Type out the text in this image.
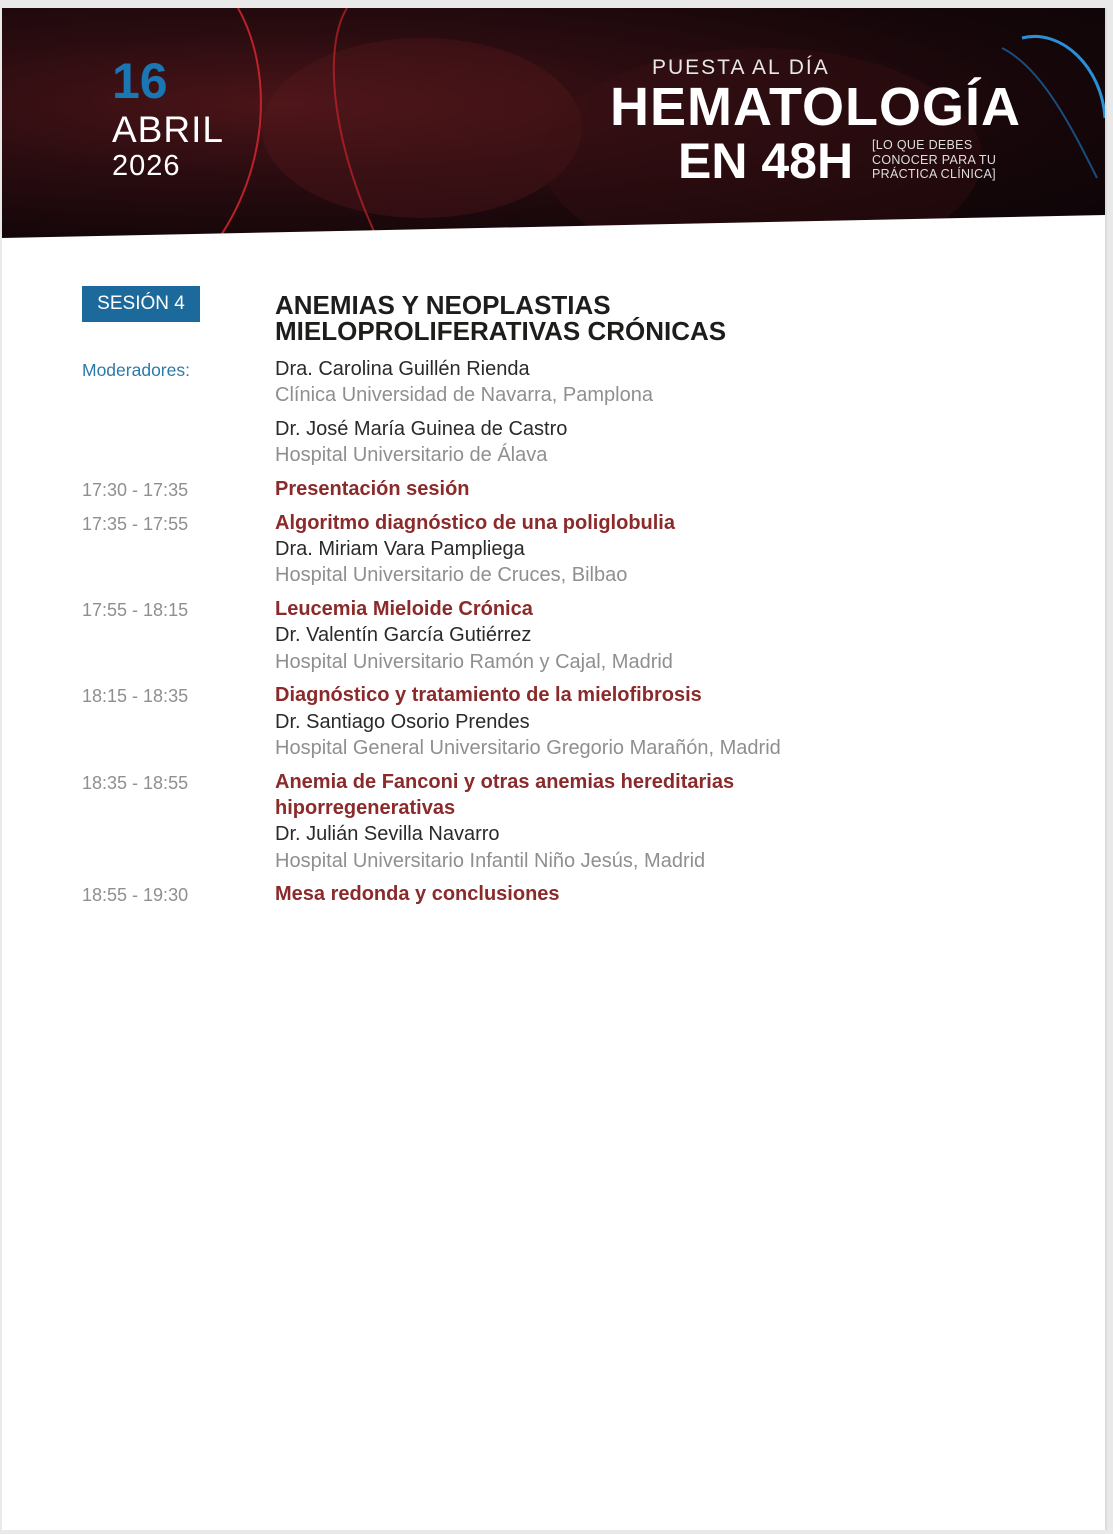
16
ABRIL
2026
PUESTA AL DÍA
HEMATOLOGÍA
EN 48H [LO QUE DEBES CONOCER PARA TU PRÁCTICA CLÍNICA]
SESIÓN 4	ANEMIAS Y NEOPLASTIAS
MIELOPROLIFERATIVAS CRÓNICAS
Moderadores:	Dra. Carolina Guillén Rienda
Clínica Universidad de Navarra, Pamplona
Dr. José María Guinea de Castro
Hospital Universitario de Álava
17:30 - 17:35	Presentación sesión
17:35 - 17:55	Algoritmo diagnóstico de una poliglobulia
Dra. Miriam Vara Pampliega
Hospital Universitario de Cruces, Bilbao
17:55 - 18:15	Leucemia Mieloide Crónica
Dr. Valentín García Gutiérrez
Hospital Universitario Ramón y Cajal, Madrid
18:15 - 18:35	Diagnóstico y tratamiento de la mielofibrosis
Dr. Santiago Osorio Prendes
Hospital General Universitario Gregorio Marañón, Madrid
18:35 - 18:55	Anemia de Fanconi y otras anemias hereditarias
hiporregenerativas
Dr. Julián Sevilla Navarro
Hospital Universitario Infantil Niño Jesús, Madrid
18:55 - 19:30	Mesa redonda y conclusiones
